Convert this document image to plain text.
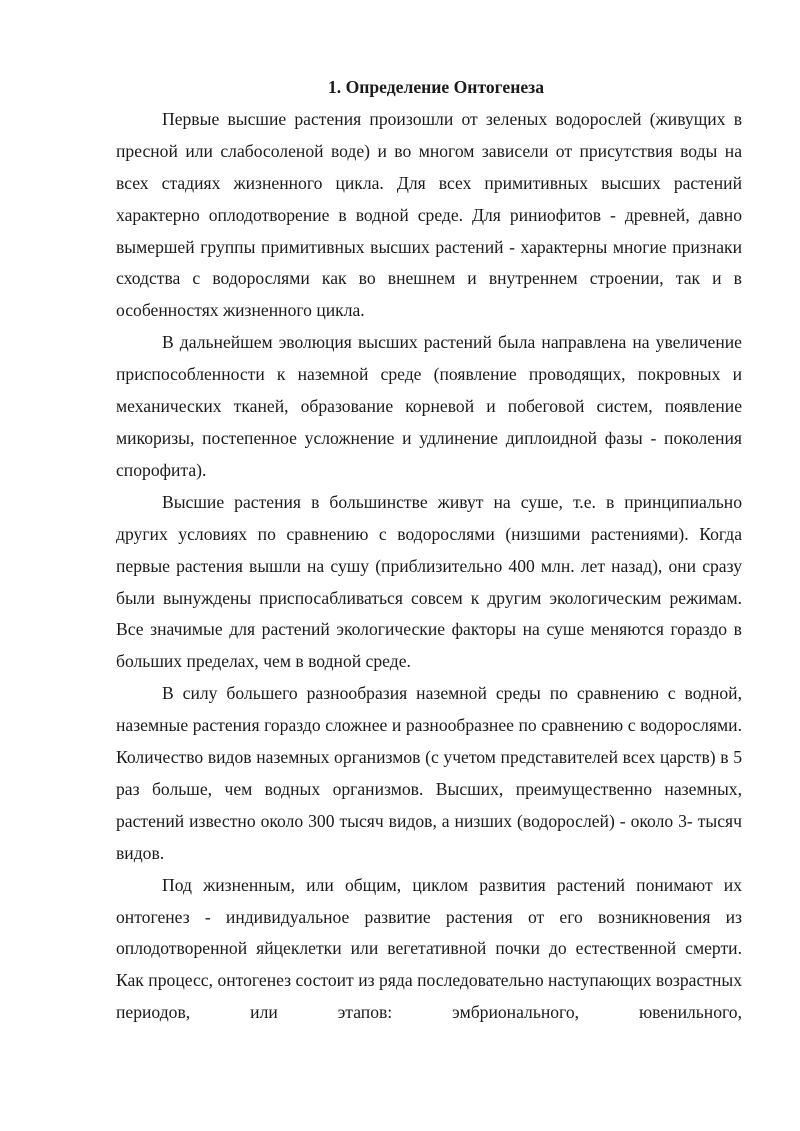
1. Определение Онтогенеза

Первые высшие растения произошли от зеленых водорослей (живущих в пресной или слабосоленой воде) и во многом зависели от присутствия воды на всех стадиях жизненного цикла. Для всех примитивных высших растений характерно оплодотворение в водной среде. Для риниофитов - древней, давно вымершей группы примитивных высших растений - характерны многие признаки сходства с водорослями как во внешнем и внутреннем строении, так и в особенностях жизненного цикла.

В дальнейшем эволюция высших растений была направлена на увеличение приспособленности к наземной среде (появление проводящих, покровных и механических тканей, образование корневой и побеговой систем, появление микоризы, постепенное усложнение и удлинение диплоидной фазы - поколения спорофита).

Высшие растения в большинстве живут на суше, т.е. в принципиально других условиях по сравнению с водорослями (низшими растениями). Когда первые растения вышли на сушу (приблизительно 400 млн. лет назад), они сразу были вынуждены приспосабливаться совсем к другим экологическим режимам. Все значимые для растений экологические факторы на суше меняются гораздо в больших пределах, чем в водной среде.

В силу большего разнообразия наземной среды по сравнению с водной, наземные растения гораздо сложнее и разнообразнее по сравнению с водорослями. Количество видов наземных организмов (с учетом представителей всех царств) в 5 раз больше, чем водных организмов. Высших, преимущественно наземных, растений известно около 300 тысяч видов, а низших (водорослей) - около 3- тысяч видов.

Под жизненным, или общим, циклом развития растений понимают их онтогенез - индивидуальное развитие растения от его возникновения из оплодотворенной яйцеклетки или вегетативной почки до естественной смерти. Как процесс, онтогенез состоит из ряда последовательно наступающих возрастных периодов, или этапов: эмбрионального, ювенильного,
